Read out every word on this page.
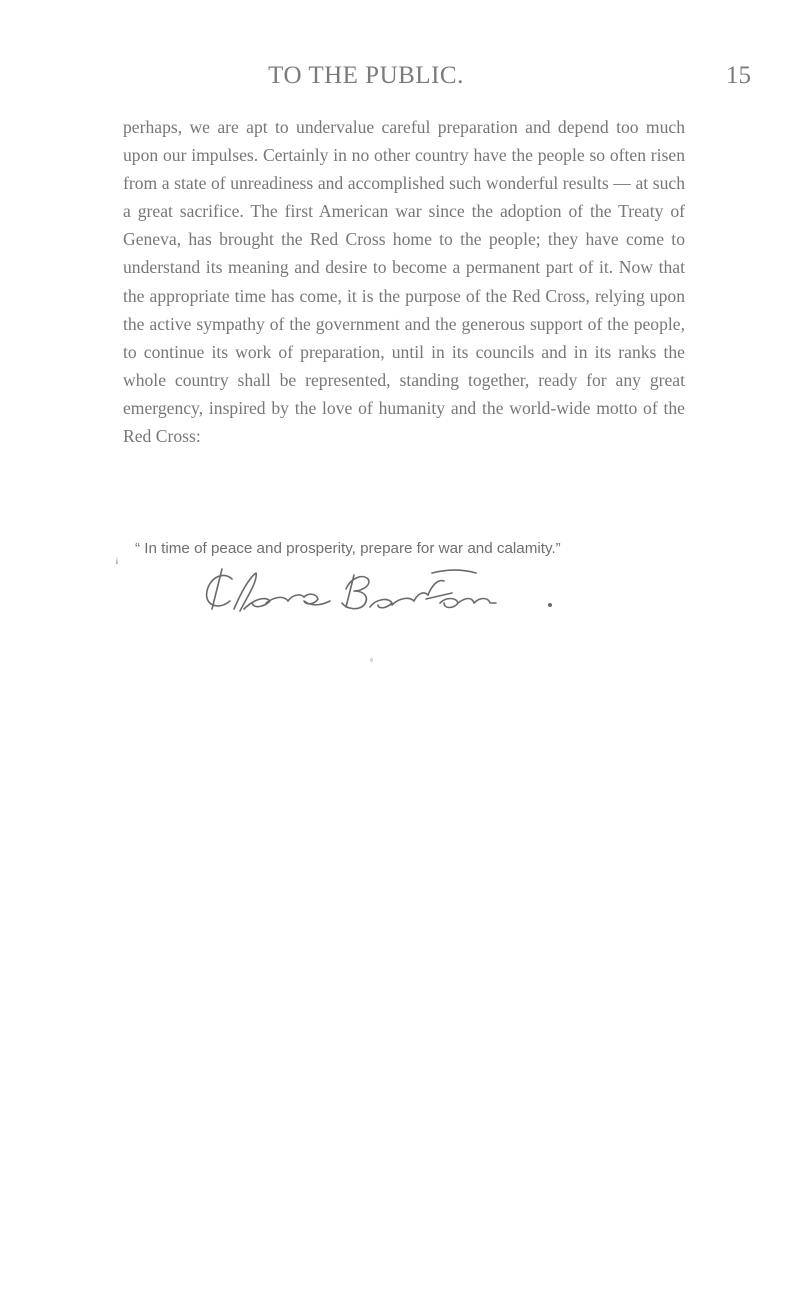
TO THE PUBLIC.	15

perhaps, we are apt to undervalue careful preparation and depend too much upon our impulses. Certainly in no other country have the people so often risen from a state of unreadiness and accomplished such wonderful results — at such a great sacrifice. The first American war since the adoption of the Treaty of Geneva, has brought the Red Cross home to the people; they have come to understand its meaning and desire to become a permanent part of it. Now that the appropriate time has come, it is the purpose of the Red Cross, relying upon the active sympathy of the government and the generous support of the people, to continue its work of preparation, until in its councils and in its ranks the whole country shall be represented, standing together, ready for any great emergency, inspired by the love of humanity and the world-wide motto of the Red Cross:

“ In time of peace and prosperity, prepare for war and calamity.”
